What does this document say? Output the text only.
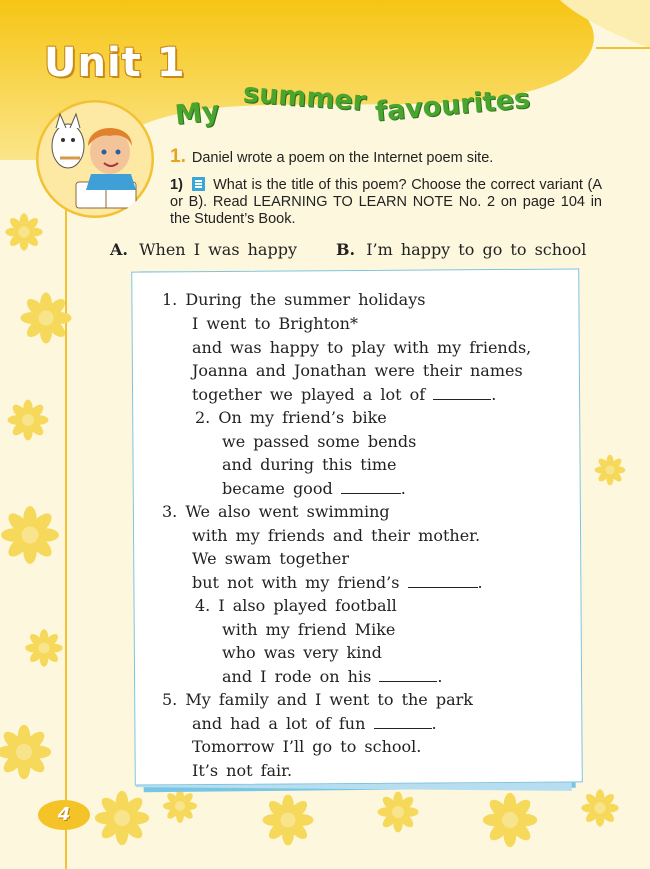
Unit 1
My summer favourites
1. Daniel wrote a poem on the Internet poem site.
1) What is the title of this poem? Choose the correct variant (A or B). Read LEARNING TO LEARN NOTE No. 2 on page 104 in the Student’s Book.
A. When I was happy B. I’m happy to go to school
1. During the summer holidays
I went to Brighton*
and was happy to play with my friends,
Joanna and Jonathan were their names
together we played a lot of	.
2. On my friend’s bike
we passed some bends
and during this time
became good	.
3. We also went swimming
with my friends and their mother.
We swam together
but not with my friend’s	.
4. I also played football
with my friend Mike
who was very kind
and I rode on his	.
5. My family and I went to the park
and had a lot of fun	.
Tomorrow I’ll go to school.
It’s not fair.
4
